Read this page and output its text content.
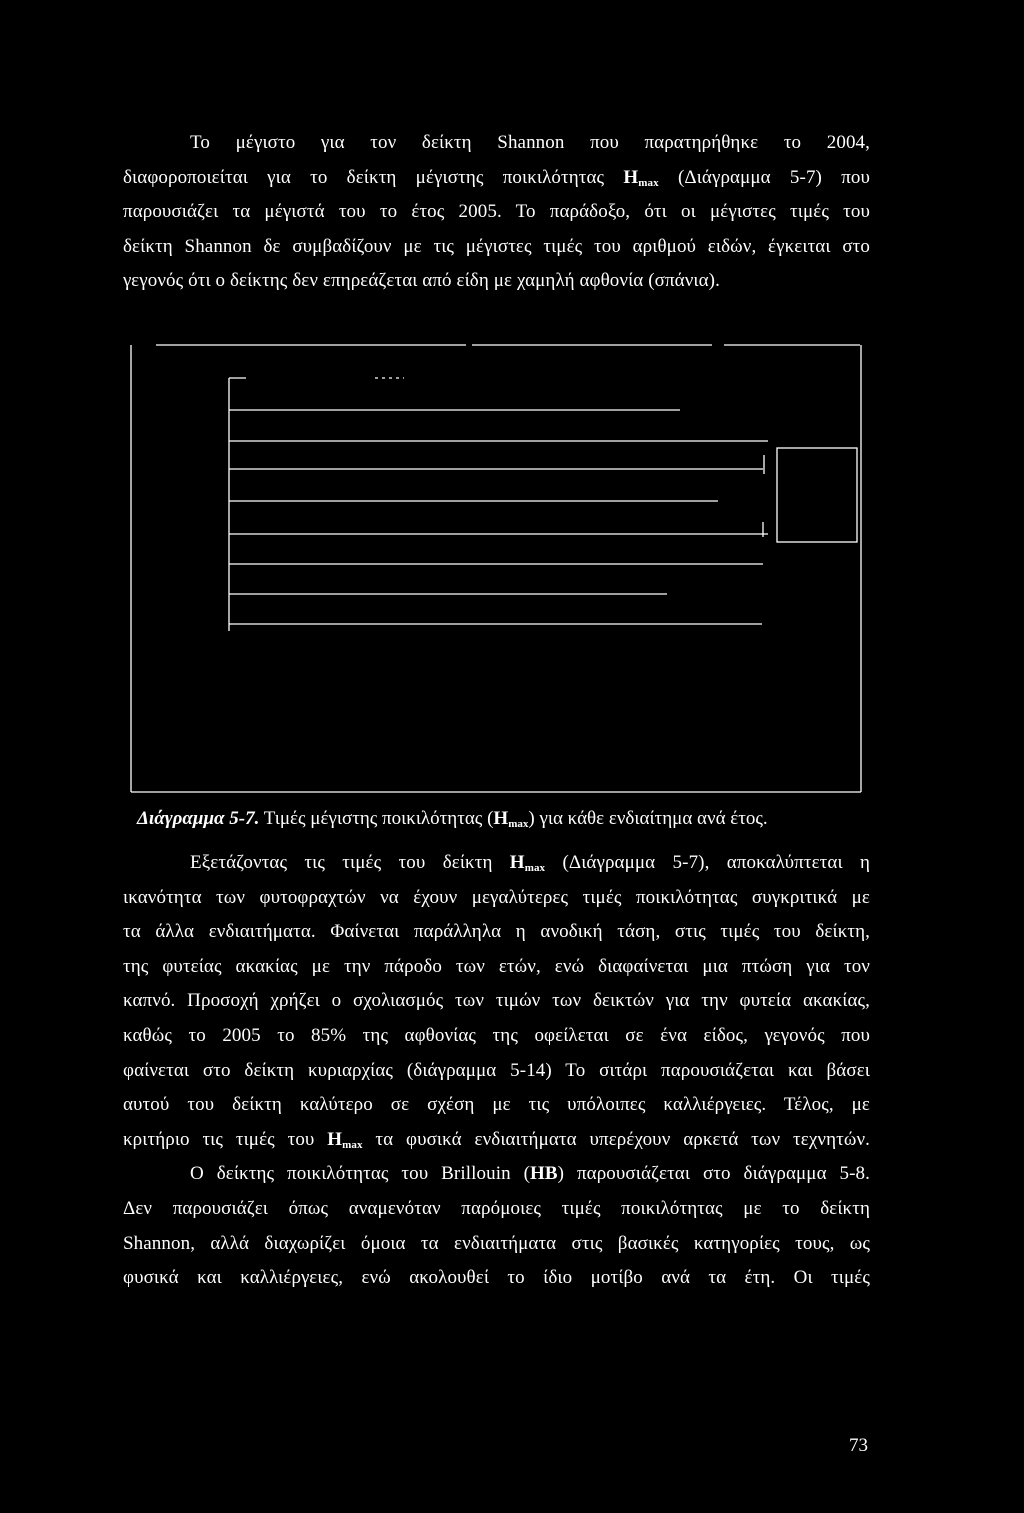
Το μέγιστο για τον δείκτη Shannon που παρατηρήθηκε το 2004,
διαφοροποιείται για το δείκτη μέγιστης ποικιλότητας $H_{max}$ (Διάγραμμα 5-7) που
παρουσιάζει τα μέγιστά του το έτος 2005. Το παράδοξο, ότι οι μέγιστες τιμές του
δείκτη Shannon δε συμβαδίζουν με τις μέγιστες τιμές του αριθμού ειδών, έγκειται στο
γεγονός ότι ο δείκτης δεν επηρεάζεται από είδη με χαμηλή αφθονία (σπάνια).
Διάγραμμα 5-7. Τιμές μέγιστης ποικιλότητας $(H_{max})$ για κάθε ενδιαίτημα ανά έτος.
Εξετάζοντας τις τιμές του δείκτη $H_{max}$ (Διάγραμμα 5-7), αποκαλύπτεται η
ικανότητα των φυτοφραχτών να έχουν μεγαλύτερες τιμές ποικιλότητας συγκριτικά με
τα άλλα ενδιαιτήματα. Φαίνεται παράλληλα η ανοδική τάση, στις τιμές του δείκτη,
της φυτείας ακακίας με την πάροδο των ετών, ενώ διαφαίνεται μια πτώση για τον
καπνό. Προσοχή χρήζει ο σχολιασμός των τιμών των δεικτών για την φυτεία ακακίας,
καθώς το 2005 το 85% της αφθονίας της οφείλεται σε ένα είδος, γεγονός που
φαίνεται στο δείκτη κυριαρχίας (διάγραμμα 5-14) Το σιτάρι παρουσιάζεται και βάσει
αυτού του δείκτη καλύτερο σε σχέση με τις υπόλοιπες καλλιέργειες. Τέλος, με
κριτήριο τις τιμές του $H_{max}$ τα φυσικά ενδιαιτήματα υπερέχουν αρκετά των τεχνητών.
Ο δείκτης ποικιλότητας του Brillouin (HB) παρουσιάζεται στο διάγραμμα 5-8.
Δεν παρουσιάζει όπως αναμενόταν παρόμοιες τιμές ποικιλότητας με το δείκτη
Shannon, αλλά διαχωρίζει όμοια τα ενδιαιτήματα στις βασικές κατηγορίες τους, ως
φυσικά και καλλιέργειες, ενώ ακολουθεί το ίδιο μοτίβο ανά τα έτη. Οι τιμές
73
